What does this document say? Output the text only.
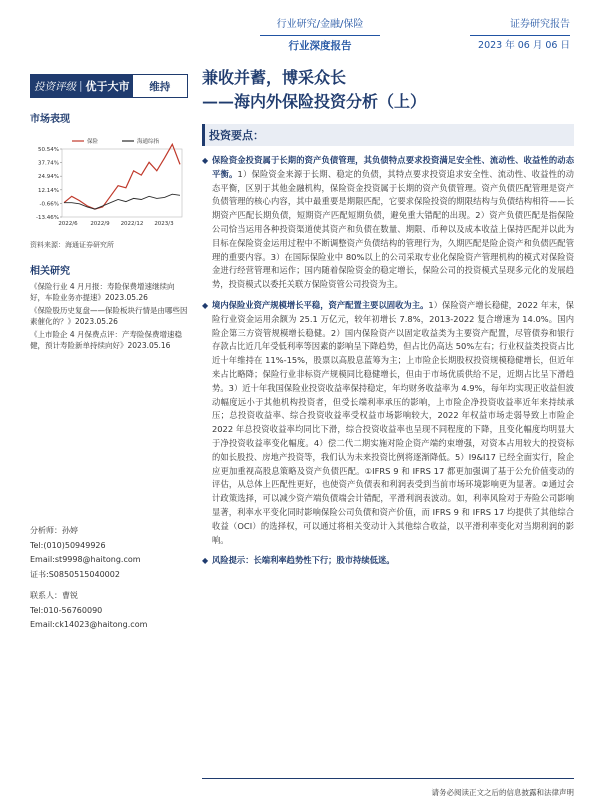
行业研究/金融/保险
行业深度报告
证券研究报告
2023 年 06 月 06 日
投资评级 | 优于大市	维持
市场表现
50.54%
37.74%
24.94%
12.14%
-0.66%
-13.46%
2022/6 2022/9 2022/12 2023/3
保险	海通综指
资料来源：海通证券研究所
相关研究
《保险行业 4 月月报：寿险保费增速继续向好，车险业务亦提速》2023.05.26
《保险股历史复盘——保险板块行情是由哪些因素催化的？》2023.05.26
《上市险企 4 月保费点评：产寿险保费增速稳健，预计寿险新单持续向好》2023.05.16
分析师：孙婷
Tel:(010)50949926
Email:st9998@haitong.com
证书:S0850515040002
联系人：曹锐
Tel:010-56760090
Email:ck14023@haitong.com
兼收并蓄，博采众长
——海内外保险投资分析（上）
投资要点：
◆ 保险资金投资属于长期的资产负债管理，其负债特点要求投资满足安全性、流动性、收益性的动态平衡。1）保险资金来源于长期、稳定的负债，其特点要求投资追求安全性、流动性、收益性的动态平衡，区别于其他金融机构，保险资金投资属于长期的资产负债管理。资产负债匹配管理是资产负债管理的核心内容，其中最重要是期限匹配，它要求保险投资的期限结构与负债结构相符——长期资产匹配长期负债，短期资产匹配短期负债，避免重大错配的出现。2）资产负债匹配是指保险公司恰当运用各种投资渠道使其资产和负债在数量、期限、币种以及成本收益上保持匹配并以此为目标在保险资金运用过程中不断调整资产负债结构的管理行为，久期匹配是险企资产和负债匹配管理的重要内容。3）在国际保险业中 80%以上的公司采取专业化保险资产管理机构的模式对保险资金进行经营管理和运作；国内随着保险资金的稳定增长，保险公司的投资模式呈现多元化的发展趋势，投资模式以委托关联方保险资管公司投资为主。
◆ 境内保险业资产规模增长平稳，资产配置主要以固收为主。1）保险资产增长稳健，2022 年末，保险行业资金运用余额为 25.1 万亿元，较年初增长 7.8%，2013-2022 复合增速为 14.0%。国内险企第三方资管规模增长稳健。2）国内保险资产以固定收益类为主要资产配置，尽管债券和银行存款占比近几年受低利率等因素的影响呈下降趋势，但占比仍高达 50%左右；行业权益类投资占比近十年维持在 11%-15%，股票以高股息蓝筹为主；上市险企长期股权投资规模稳健增长，但近年来占比略降；保险行业非标资产规模同比稳健增长，但由于市场优质供给不足，近期占比呈下滑趋势。3）近十年我国保险业投资收益率保持稳定，年均财务收益率为 4.9%，每年均实现正收益但波动幅度远小于其他机构投资者，但受长端利率承压的影响，上市险企净投资收益率近年来持续承压；总投资收益率、综合投资收益率受权益市场影响较大，2022 年权益市场走弱导致上市险企 2022 年总投资收益率均同比下滑，综合投资收益率也呈现不同程度的下降，且变化幅度均明显大于净投资收益率变化幅度。4）偿二代二期实施对险企资产端约束增强，对资本占用较大的投资标的如长股投、房地产投资等，我们认为未来投资比例将逐渐降低。5）I9&I17 已经全面实行，险企应更加重视高股息策略及资产负债匹配。①IFRS 9 和 IFRS 17 都更加强调了基于公允价值变动的评估，从总体上匹配性更好，也使资产负债表和利润表受到当前市场环境影响更为显著。②通过会计政策选择，可以减少资产端负债端会计错配，平滑利润表波动。如，利率风险对于寿险公司影响显著，利率水平变化同时影响保险公司负债和资产价值，而 IFRS 9 和 IFRS 17 均提供了其他综合收益（OCI）的选择权，可以通过将相关变动计入其他综合收益，以平滑利率变化对当期利润的影响。
◆ 风险提示：长端利率趋势性下行；股市持续低迷。
请务必阅读正文之后的信息披露和法律声明
